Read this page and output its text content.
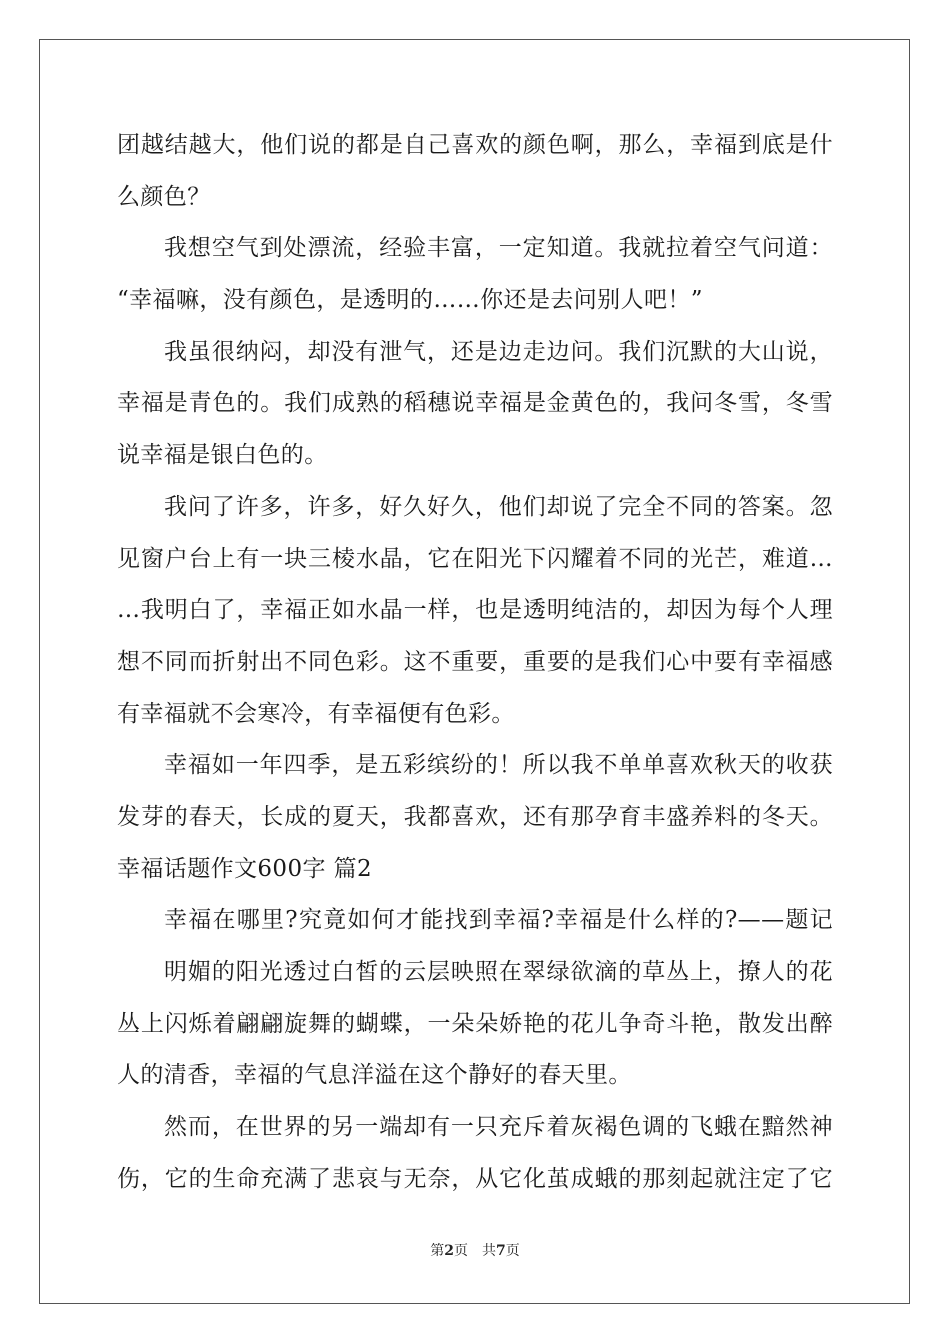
团越结越大，他们说的都是自己喜欢的颜色啊，那么，幸福到底是什
么颜色？
我想空气到处漂流，经验丰富，一定知道。我就拉着空气问道：
“幸福嘛，没有颜色，是透明的……你还是去问别人吧！”
我虽很纳闷，却没有泄气，还是边走边问。我们沉默的大山说，
幸福是青色的。我们成熟的稻穗说幸福是金黄色的，我问冬雪，冬雪
说幸福是银白色的。
我问了许多，许多，好久好久，他们却说了完全不同的答案。忽
见窗户台上有一块三棱水晶，它在阳光下闪耀着不同的光芒，难道…
…我明白了，幸福正如水晶一样，也是透明纯洁的，却因为每个人理
想不同而折射出不同色彩。这不重要，重要的是我们心中要有幸福感
有幸福就不会寒冷，有幸福便有色彩。
幸福如一年四季，是五彩缤纷的！所以我不单单喜欢秋天的收获
发芽的春天，长成的夏天，我都喜欢，还有那孕育丰盛养料的冬天。
幸福话题作文600字 篇2
幸福在哪里?究竟如何才能找到幸福?幸福是什么样的?——题记
明媚的阳光透过白皙的云层映照在翠绿欲滴的草丛上，撩人的花
丛上闪烁着翩翩旋舞的蝴蝶，一朵朵娇艳的花儿争奇斗艳，散发出醉
人的清香，幸福的气息洋溢在这个静好的春天里。
然而，在世界的另一端却有一只充斥着灰褐色调的飞蛾在黯然神
伤，它的生命充满了悲哀与无奈，从它化茧成蛾的那刻起就注定了它
第2页　共7页
